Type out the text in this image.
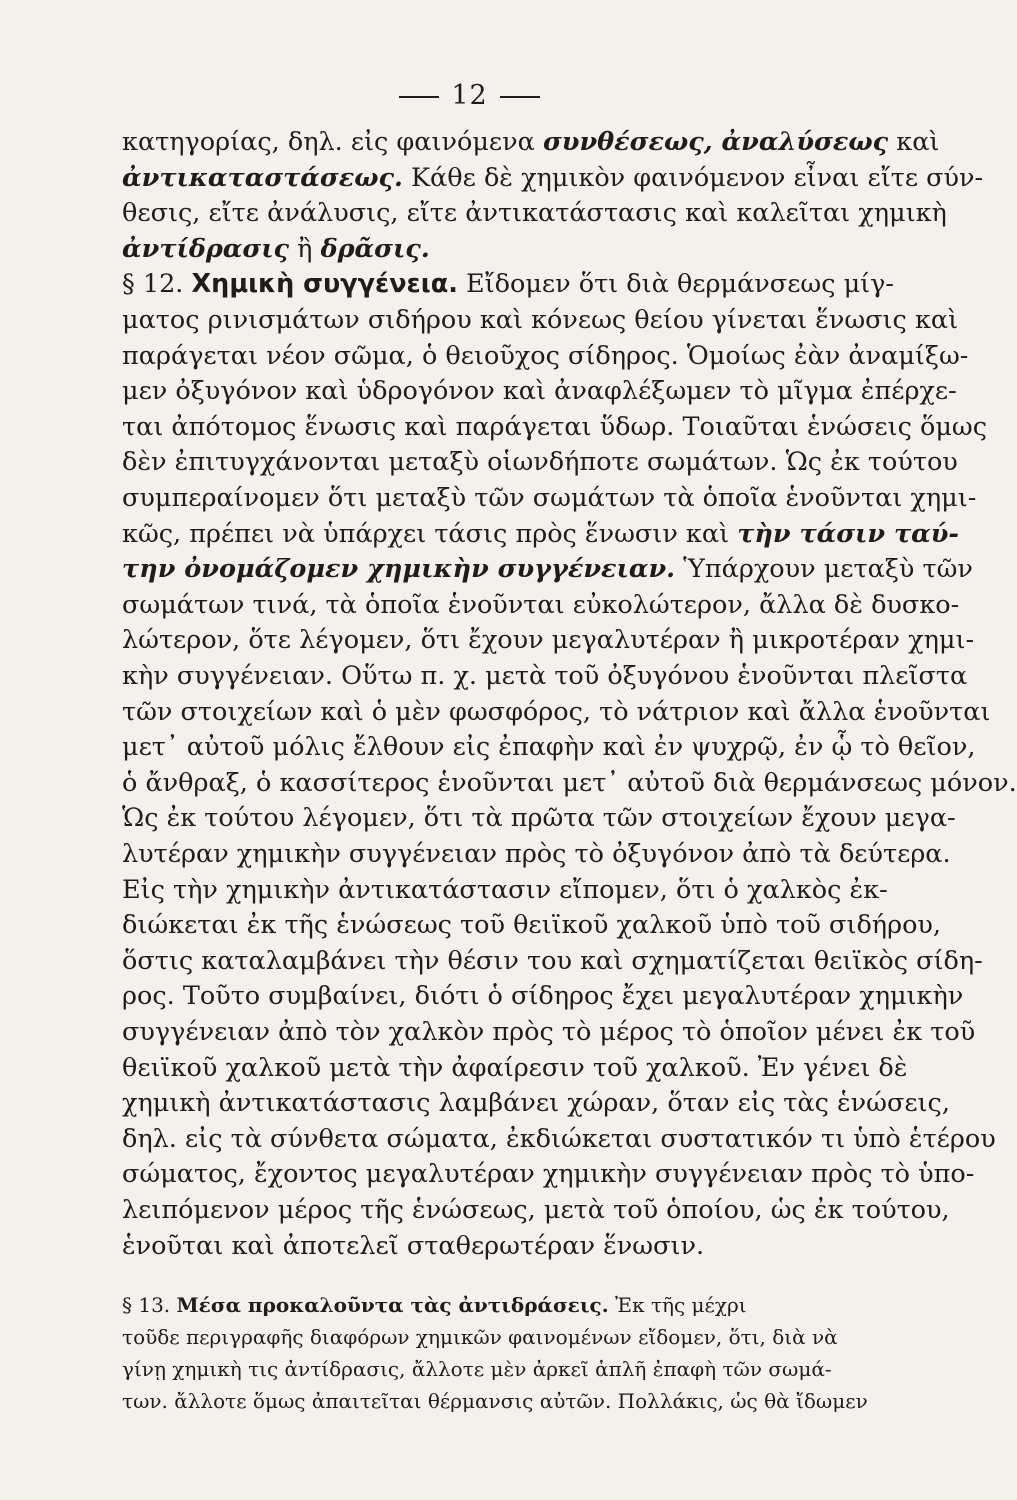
12
κατηγορίας, δηλ. εἰς φαινόμενα συνθέσεως, ἀναλύσεως καὶ
ἀντικαταστάσεως. Κάθε δὲ χημικὸν φαινόμενον εἶναι εἴτε σύν-
θεσις, εἴτε ἀνάλυσις, εἴτε ἀντικατάστασις καὶ καλεῖται χημικὴ
ἀντίδρασις ἢ δρᾶσις.
§ 12. Χημικὴ συγγένεια. Εἴδομεν ὅτι διὰ θερμάνσεως μίγ-
ματος ρινισμάτων σιδήρου καὶ κόνεως θείου γίνεται ἕνωσις καὶ
παράγεται νέον σῶμα, ὁ θειοῦχος σίδηρος. Ὁμοίως ἐὰν ἀναμίξω-
μεν ὀξυγόνον καὶ ὑδρογόνον καὶ ἀναφλέξωμεν τὸ μῖγμα ἐπέρχε-
ται ἀπότομος ἕνωσις καὶ παράγεται ὕδωρ. Τοιαῦται ἑνώσεις ὅμως
δὲν ἐπιτυγχάνονται μεταξὺ οἱωνδήποτε σωμάτων. Ὡς ἐκ τούτου
συμπεραίνομεν ὅτι μεταξὺ τῶν σωμάτων τὰ ὁποῖα ἑνοῦνται χημι-
κῶς, πρέπει νὰ ὑπάρχει τάσις πρὸς ἕνωσιν καὶ τὴν τάσιν ταύ-
την ὀνομάζομεν χημικὴν συγγένειαν. Ὑπάρχουν μεταξὺ τῶν
σωμάτων τινά, τὰ ὁποῖα ἑνοῦνται εὐκολώτερον, ἄλλα δὲ δυσκο-
λώτερον, ὅτε λέγομεν, ὅτι ἔχουν μεγαλυτέραν ἢ μικροτέραν χημι-
κὴν συγγένειαν. Οὕτω π. χ. μετὰ τοῦ ὀξυγόνου ἑνοῦνται πλεῖστα
τῶν στοιχείων καὶ ὁ μὲν φωσφόρος, τὸ νάτριον καὶ ἄλλα ἑνοῦνται
μετ᾽ αὐτοῦ μόλις ἔλθουν εἰς ἐπαφὴν καὶ ἐν ψυχρῷ, ἐν ᾧ τὸ θεῖον,
ὁ ἄνθραξ, ὁ κασσίτερος ἑνοῦνται μετ᾽ αὐτοῦ διὰ θερμάνσεως μόνον.
Ὡς ἐκ τούτου λέγομεν, ὅτι τὰ πρῶτα τῶν στοιχείων ἔχουν μεγα-
λυτέραν χημικὴν συγγένειαν πρὸς τὸ ὀξυγόνον ἀπὸ τὰ δεύτερα.
Εἰς τὴν χημικὴν ἀντικατάστασιν εἴπομεν, ὅτι ὁ χαλκὸς ἐκ-
διώκεται ἐκ τῆς ἑνώσεως τοῦ θειϊκοῦ χαλκοῦ ὑπὸ τοῦ σιδήρου,
ὅστις καταλαμβάνει τὴν θέσιν του καὶ σχηματίζεται θειϊκὸς σίδη-
ρος. Τοῦτο συμβαίνει, διότι ὁ σίδηρος ἔχει μεγαλυτέραν χημικὴν
συγγένειαν ἀπὸ τὸν χαλκὸν πρὸς τὸ μέρος τὸ ὁποῖον μένει ἐκ τοῦ
θειϊκοῦ χαλκοῦ μετὰ τὴν ἀφαίρεσιν τοῦ χαλκοῦ. Ἐν γένει δὲ
χημικὴ ἀντικατάστασις λαμβάνει χώραν, ὅταν εἰς τὰς ἑνώσεις,
δηλ. εἰς τὰ σύνθετα σώματα, ἐκδιώκεται συστατικόν τι ὑπὸ ἑτέρου
σώματος, ἔχοντος μεγαλυτέραν χημικὴν συγγένειαν πρὸς τὸ ὑπο-
λειπόμενον μέρος τῆς ἑνώσεως, μετὰ τοῦ ὁποίου, ὡς ἐκ τούτου,
ἑνοῦται καὶ ἀποτελεῖ σταθερωτέραν ἕνωσιν.
§ 13. Μέσα προκαλοῦντα τὰς ἀντιδράσεις. Ἐκ τῆς μέχρι
τοῦδε περιγραφῆς διαφόρων χημικῶν φαινομένων εἴδομεν, ὅτι, διὰ νὰ
γίνῃ χημικὴ τις ἀντίδρασις, ἄλλοτε μὲν ἀρκεῖ ἁπλῆ ἐπαφὴ τῶν σωμά-
των. ἄλλοτε ὅμως ἀπαιτεῖται θέρμανσις αὐτῶν. Πολλάκις, ὡς θὰ ἴδωμεν
